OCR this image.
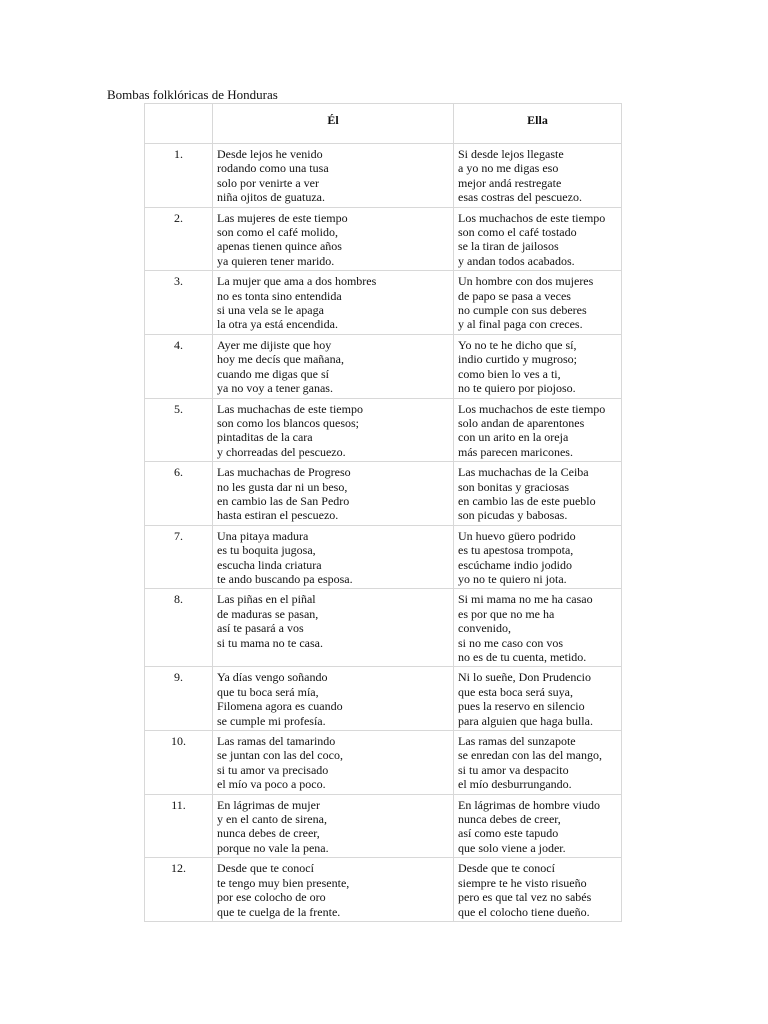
Bombas folklóricas de Honduras
	Él	Ella
1.	Desde lejos he venido
rodando como una tusa
solo por venirte a ver
niña ojitos de guatuza.	Si desde lejos llegaste
a yo no me digas eso
mejor andá restregate
esas costras del pescuezo.
2.	Las mujeres de este tiempo
son como el café molido,
apenas tienen quince años
ya quieren tener marido.	Los muchachos de este tiempo
son como el café tostado
se la tiran de jailosos
y andan todos acabados.
3.	La mujer que ama a dos hombres
no es tonta sino entendida
si una vela se le apaga
la otra ya está encendida.	Un hombre con dos mujeres
de papo se pasa a veces
no cumple con sus deberes
y al final paga con creces.
4.	Ayer me dijiste que hoy
hoy me decís que mañana,
cuando me digas que sí
ya no voy a tener ganas.	Yo no te he dicho que sí,
indio curtido y mugroso;
como bien lo ves a ti,
no te quiero por piojoso.
5.	Las muchachas de este tiempo
son como los blancos quesos;
pintaditas de la cara
y chorreadas del pescuezo.	Los muchachos de este tiempo
solo andan de aparentones
con un arito en la oreja
más parecen maricones.
6.	Las muchachas de Progreso
no les gusta dar ni un beso,
en cambio las de San Pedro
hasta estiran el pescuezo.	Las muchachas de la Ceiba
son bonitas y graciosas
en cambio las de este pueblo
son picudas y babosas.
7.	Una pitaya madura
es tu boquita jugosa,
escucha linda criatura
te ando buscando pa esposa.	Un huevo güero podrido
es tu apestosa trompota,
escúchame indio jodido
yo no te quiero ni jota.
8.	Las piñas en el piñal
de maduras se pasan,
así te pasará a vos
si tu mama no te casa.	Si mi mama no me ha casao
es por que no me ha
convenido,
si no me caso con vos
no es de tu cuenta, metido.
9.	Ya días vengo soñando
que tu boca será mía,
Filomena agora es cuando
se cumple mi profesía.	Ni lo sueñe, Don Prudencio
que esta boca será suya,
pues la reservo en silencio
para alguien que haga bulla.
10.	Las ramas del tamarindo
se juntan con las del coco,
si tu amor va precisado
el mío va poco a poco.	Las ramas del sunzapote
se enredan con las del mango,
si tu amor va despacito
el mío desburrungando.
11.	En lágrimas de mujer
y en el canto de sirena,
nunca debes de creer,
porque no vale la pena.	En lágrimas de hombre viudo
nunca debes de creer,
así como este tapudo
que solo viene a joder.
12.	Desde que te conocí
te tengo muy bien presente,
por ese colocho de oro
que te cuelga de la frente.	Desde que te conocí
siempre te he visto risueño
pero es que tal vez no sabés
que el colocho tiene dueño.
